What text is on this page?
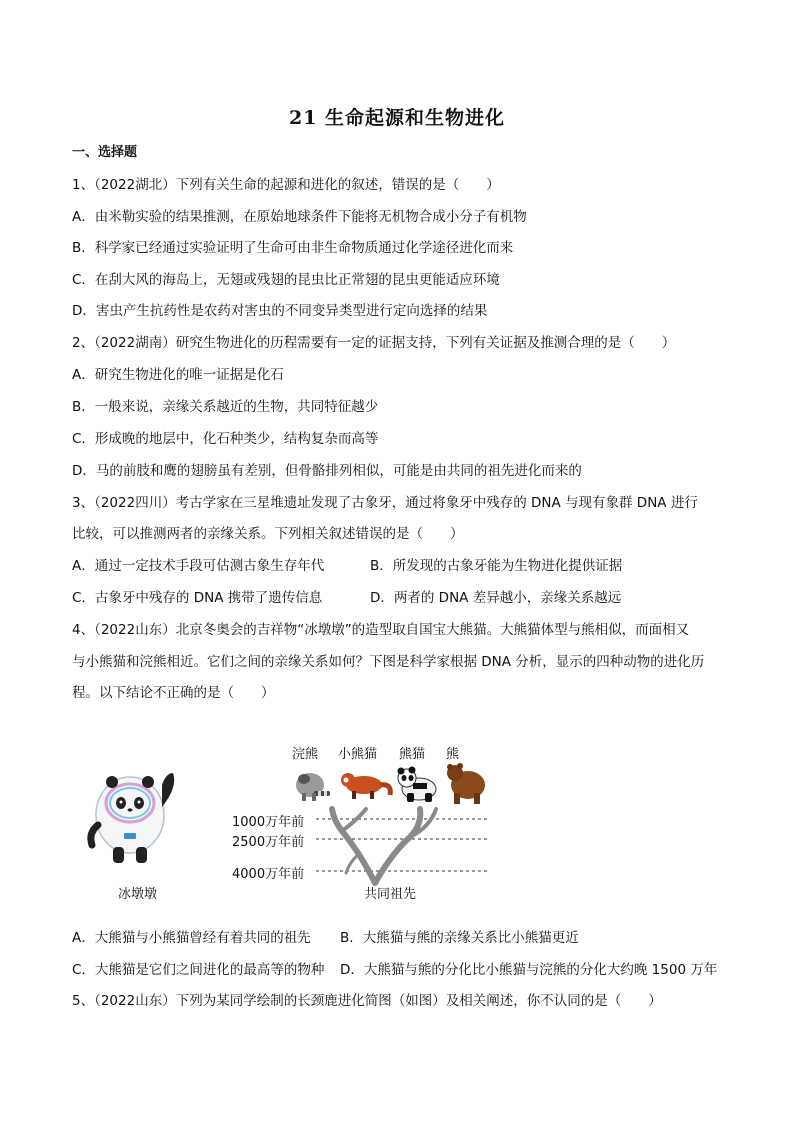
21 生命起源和生物进化
一、选择题
1、（2022湖北）下列有关生命的起源和进化的叙述，错误的是（　　）
A．由米勒实验的结果推测，在原始地球条件下能将无机物合成小分子有机物
B．科学家已经通过实验证明了生命可由非生命物质通过化学途径进化而来
C．在刮大风的海岛上，无翅或残翅的昆虫比正常翅的昆虫更能适应环境
D．害虫产生抗药性是农药对害虫的不同变异类型进行定向选择的结果
2、（2022湖南）研究生物进化的历程需要有一定的证据支持，下列有关证据及推测合理的是（　　）
A．研究生物进化的唯一证据是化石
B．一般来说，亲缘关系越近的生物，共同特征越少
C．形成晚的地层中，化石种类少，结构复杂而高等
D．马的前肢和鹰的翅膀虽有差别，但骨骼排列相似，可能是由共同的祖先进化而来的
3、（2022四川）考古学家在三星堆遗址发现了古象牙，通过将象牙中残存的 DNA 与现有象群 DNA 进行
比较，可以推测两者的亲缘关系。下列相关叙述错误的是（　　）
A．通过一定技术手段可估测古象生存年代	B．所发现的古象牙能为生物进化提供证据
C．古象牙中残存的 DNA 携带了遗传信息	D．两者的 DNA 差异越小，亲缘关系越远
4、（2022山东）北京冬奥会的吉祥物“冰墩墩”的造型取自国宝大熊猫。大熊猫体型与熊相似，而面相又
与小熊猫和浣熊相近。它们之间的亲缘关系如何？下图是科学家根据 DNA 分析，显示的四种动物的进化历
程。以下结论不正确的是（　　）
冰墩墩
浣熊 小熊猫 熊猫 熊
1000万年前
2500万年前
4000万年前
共同祖先
A．大熊猫与小熊猫曾经有着共同的祖先 B．大熊猫与熊的亲缘关系比小熊猫更近
C．大熊猫是它们之间进化的最高等的物种 D．大熊猫与熊的分化比小熊猫与浣熊的分化大约晚 1500 万年
5、（2022山东）下列为某同学绘制的长颈鹿进化简图（如图）及相关阐述，你不认同的是（　　）
